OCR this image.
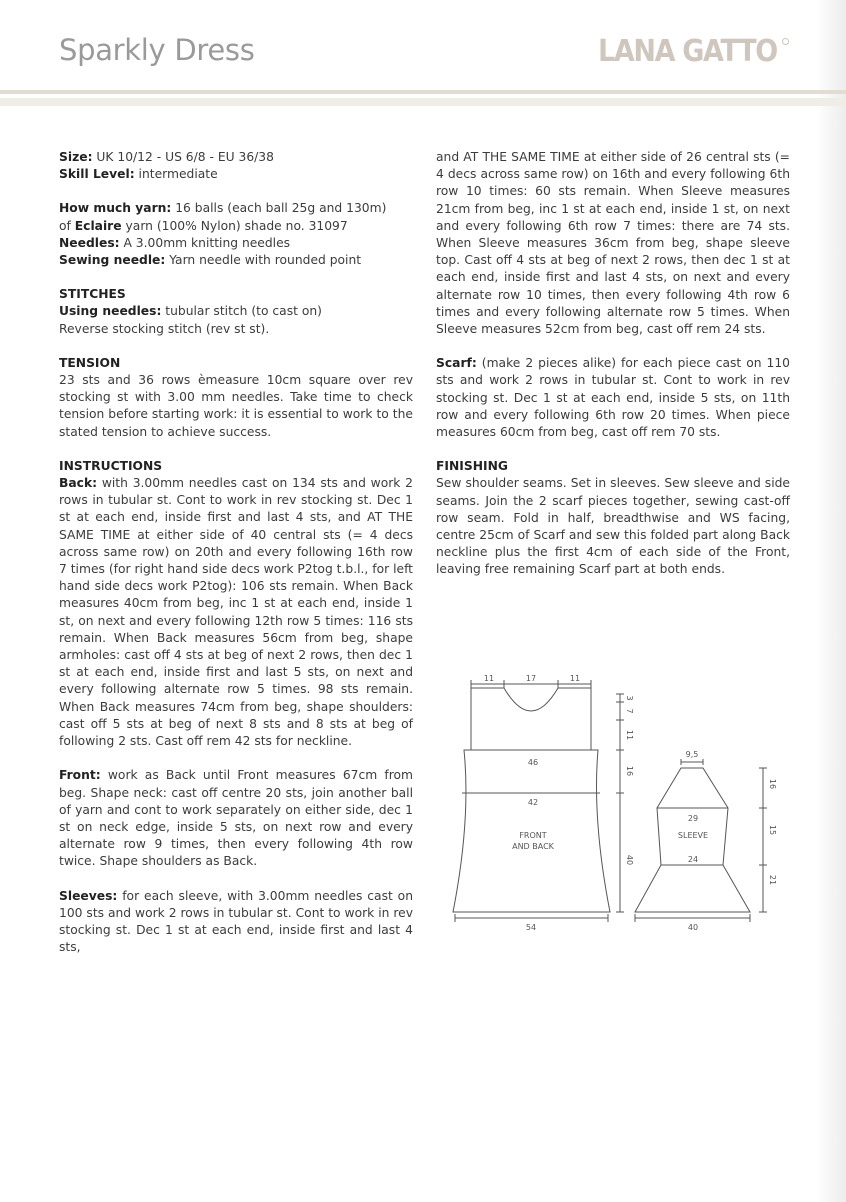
Sparkly Dress	LANA GATTO

Size: UK 10/12 - US 6/8 - EU 36/38

Skill Level: intermediate

How much yarn: 16 balls (each ball 25g and 130m)

of Eclaire yarn (100% Nylon) shade no. 31097

Needles: A 3.00mm knitting needles

Sewing needle: Yarn needle with rounded point

STITCHES

Using needles: tubular stitch (to cast on)

Reverse stocking stitch (rev st st).

TENSION

23 sts and 36 rows èmeasure 10cm square over rev stocking st with 3.00 mm needles. Take time to check tension before starting work: it is essential to work to the stated tension to achieve success.

INSTRUCTIONS

Back: with 3.00mm needles cast on 134 sts and work 2 rows in tubular st. Cont to work in rev stocking st. Dec 1 st at each end, inside first and last 4 sts, and AT THE SAME TIME at either side of 40 central sts (= 4 decs across same row) on 20th and every following 16th row 7 times (for right hand side decs work P2tog t.b.l., for left hand side decs work P2tog): 106 sts remain. When Back measures 40cm from beg, inc 1 st at each end, inside 1 st, on next and every following 12th row 5 times: 116 sts remain. When Back measures 56cm from beg, shape armholes: cast off 4 sts at beg of next 2 rows, then dec 1 st at each end, inside first and last 5 sts, on next and every following alternate row 5 times. 98 sts remain. When Back measures 74cm from beg, shape shoulders: cast off 5 sts at beg of next 8 sts and 8 sts at beg of following 2 sts. Cast off rem 42 sts for neckline.

Front: work as Back until Front measures 67cm from beg. Shape neck: cast off centre 20 sts, join another ball of yarn and cont to work separately on either side, dec 1 st on neck edge, inside 5 sts, on next row and every alternate row 9 times, then every following 4th row twice. Shape shoulders as Back.

Sleeves: for each sleeve, with 3.00mm needles cast on 100 sts and work 2 rows in tubular st. Cont to work in rev stocking st. Dec 1 st at each end, inside first and last 4 sts,

and AT THE SAME TIME at either side of 26 central sts (= 4 decs across same row) on 16th and every following 6th row 10 times: 60 sts remain. When Sleeve measures 21cm from beg, inc 1 st at each end, inside 1 st, on next and every following 6th row 7 times: there are 74 sts. When Sleeve measures 36cm from beg, shape sleeve top. Cast off 4 sts at beg of next 2 rows, then dec 1 st at each end, inside first and last 4 sts, on next and every alternate row 10 times, then every following 4th row 6 times and every following alternate row 5 times. When Sleeve measures 52cm from beg, cast off rem 24 sts.

Scarf: (make 2 pieces alike) for each piece cast on 110 sts and work 2 rows in tubular st. Cont to work in rev stocking st. Dec 1 st at each end, inside 5 sts, on 11th row and every following 6th row 20 times. When piece measures 60cm from beg, cast off rem 70 sts.

FINISHING

Sew shoulder seams. Set in sleeves. Sew sleeve and side seams. Join the 2 scarf pieces together, sewing cast-off row seam. Fold in half, breadthwise and WS facing, centre 25cm of Scarf and sew this folded part along Back neckline plus the first 4cm of each side of the Front, leaving free remaining Scarf part at both ends.

11	17	11
46
42
FRONT
AND BACK
54
3
7
11
16
40
9,5
29
SLEEVE
24
40
16
15
21
